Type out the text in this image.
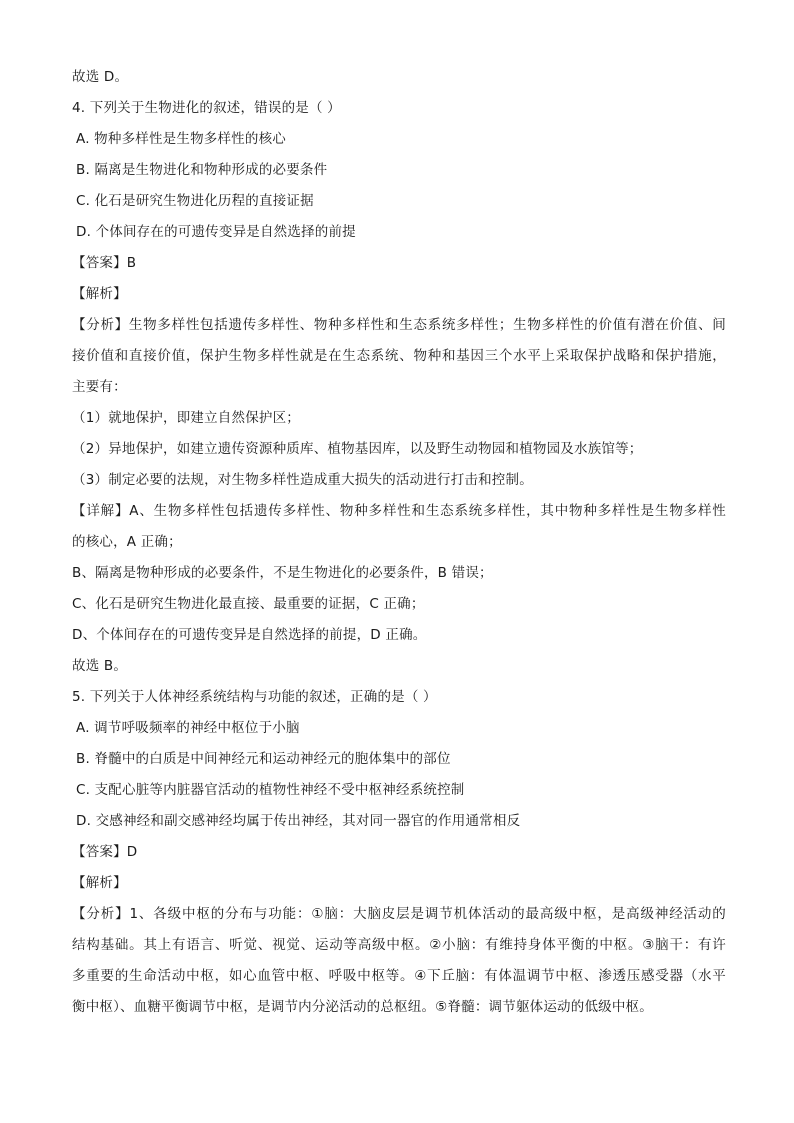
故选 D。
4. 下列关于生物进化的叙述，错误的是（ ）
A. 物种多样性是生物多样性的核心
B. 隔离是生物进化和物种形成的必要条件
C. 化石是研究生物进化历程的直接证据
D. 个体间存在的可遗传变异是自然选择的前提
【答案】B
【解析】
【分析】生物多样性包括遗传多样性、物种多样性和生态系统多样性；生物多样性的价值有潜在价值、间
接价值和直接价值，保护生物多样性就是在生态系统、物种和基因三个水平上采取保护战略和保护措施，
主要有：
（1）就地保护，即建立自然保护区；
（2）异地保护，如建立遗传资源种质库、植物基因库，以及野生动物园和植物园及水族馆等；
（3）制定必要的法规，对生物多样性造成重大损失的活动进行打击和控制。
【详解】A、生物多样性包括遗传多样性、物种多样性和生态系统多样性，其中物种多样性是生物多样性
的核心，A 正确；
B、隔离是物种形成的必要条件，不是生物进化的必要条件，B 错误；
C、化石是研究生物进化最直接、最重要的证据，C 正确；
D、个体间存在的可遗传变异是自然选择的前提，D 正确。
故选 B。
5. 下列关于人体神经系统结构与功能的叙述，正确的是（ ）
A. 调节呼吸频率的神经中枢位于小脑
B. 脊髓中的白质是中间神经元和运动神经元的胞体集中的部位
C. 支配心脏等内脏器官活动的植物性神经不受中枢神经系统控制
D. 交感神经和副交感神经均属于传出神经，其对同一器官的作用通常相反
【答案】D
【解析】
【分析】1、各级中枢的分布与功能：①脑：大脑皮层是调节机体活动的最高级中枢，是高级神经活动的
结构基础。其上有语言、听觉、视觉、运动等高级中枢。②小脑：有维持身体平衡的中枢。③脑干：有许
多重要的生命活动中枢，如心血管中枢、呼吸中枢等。④下丘脑：有体温调节中枢、渗透压感受器（水平
衡中枢）、血糖平衡调节中枢，是调节内分泌活动的总枢纽。⑤脊髓：调节躯体运动的低级中枢。
